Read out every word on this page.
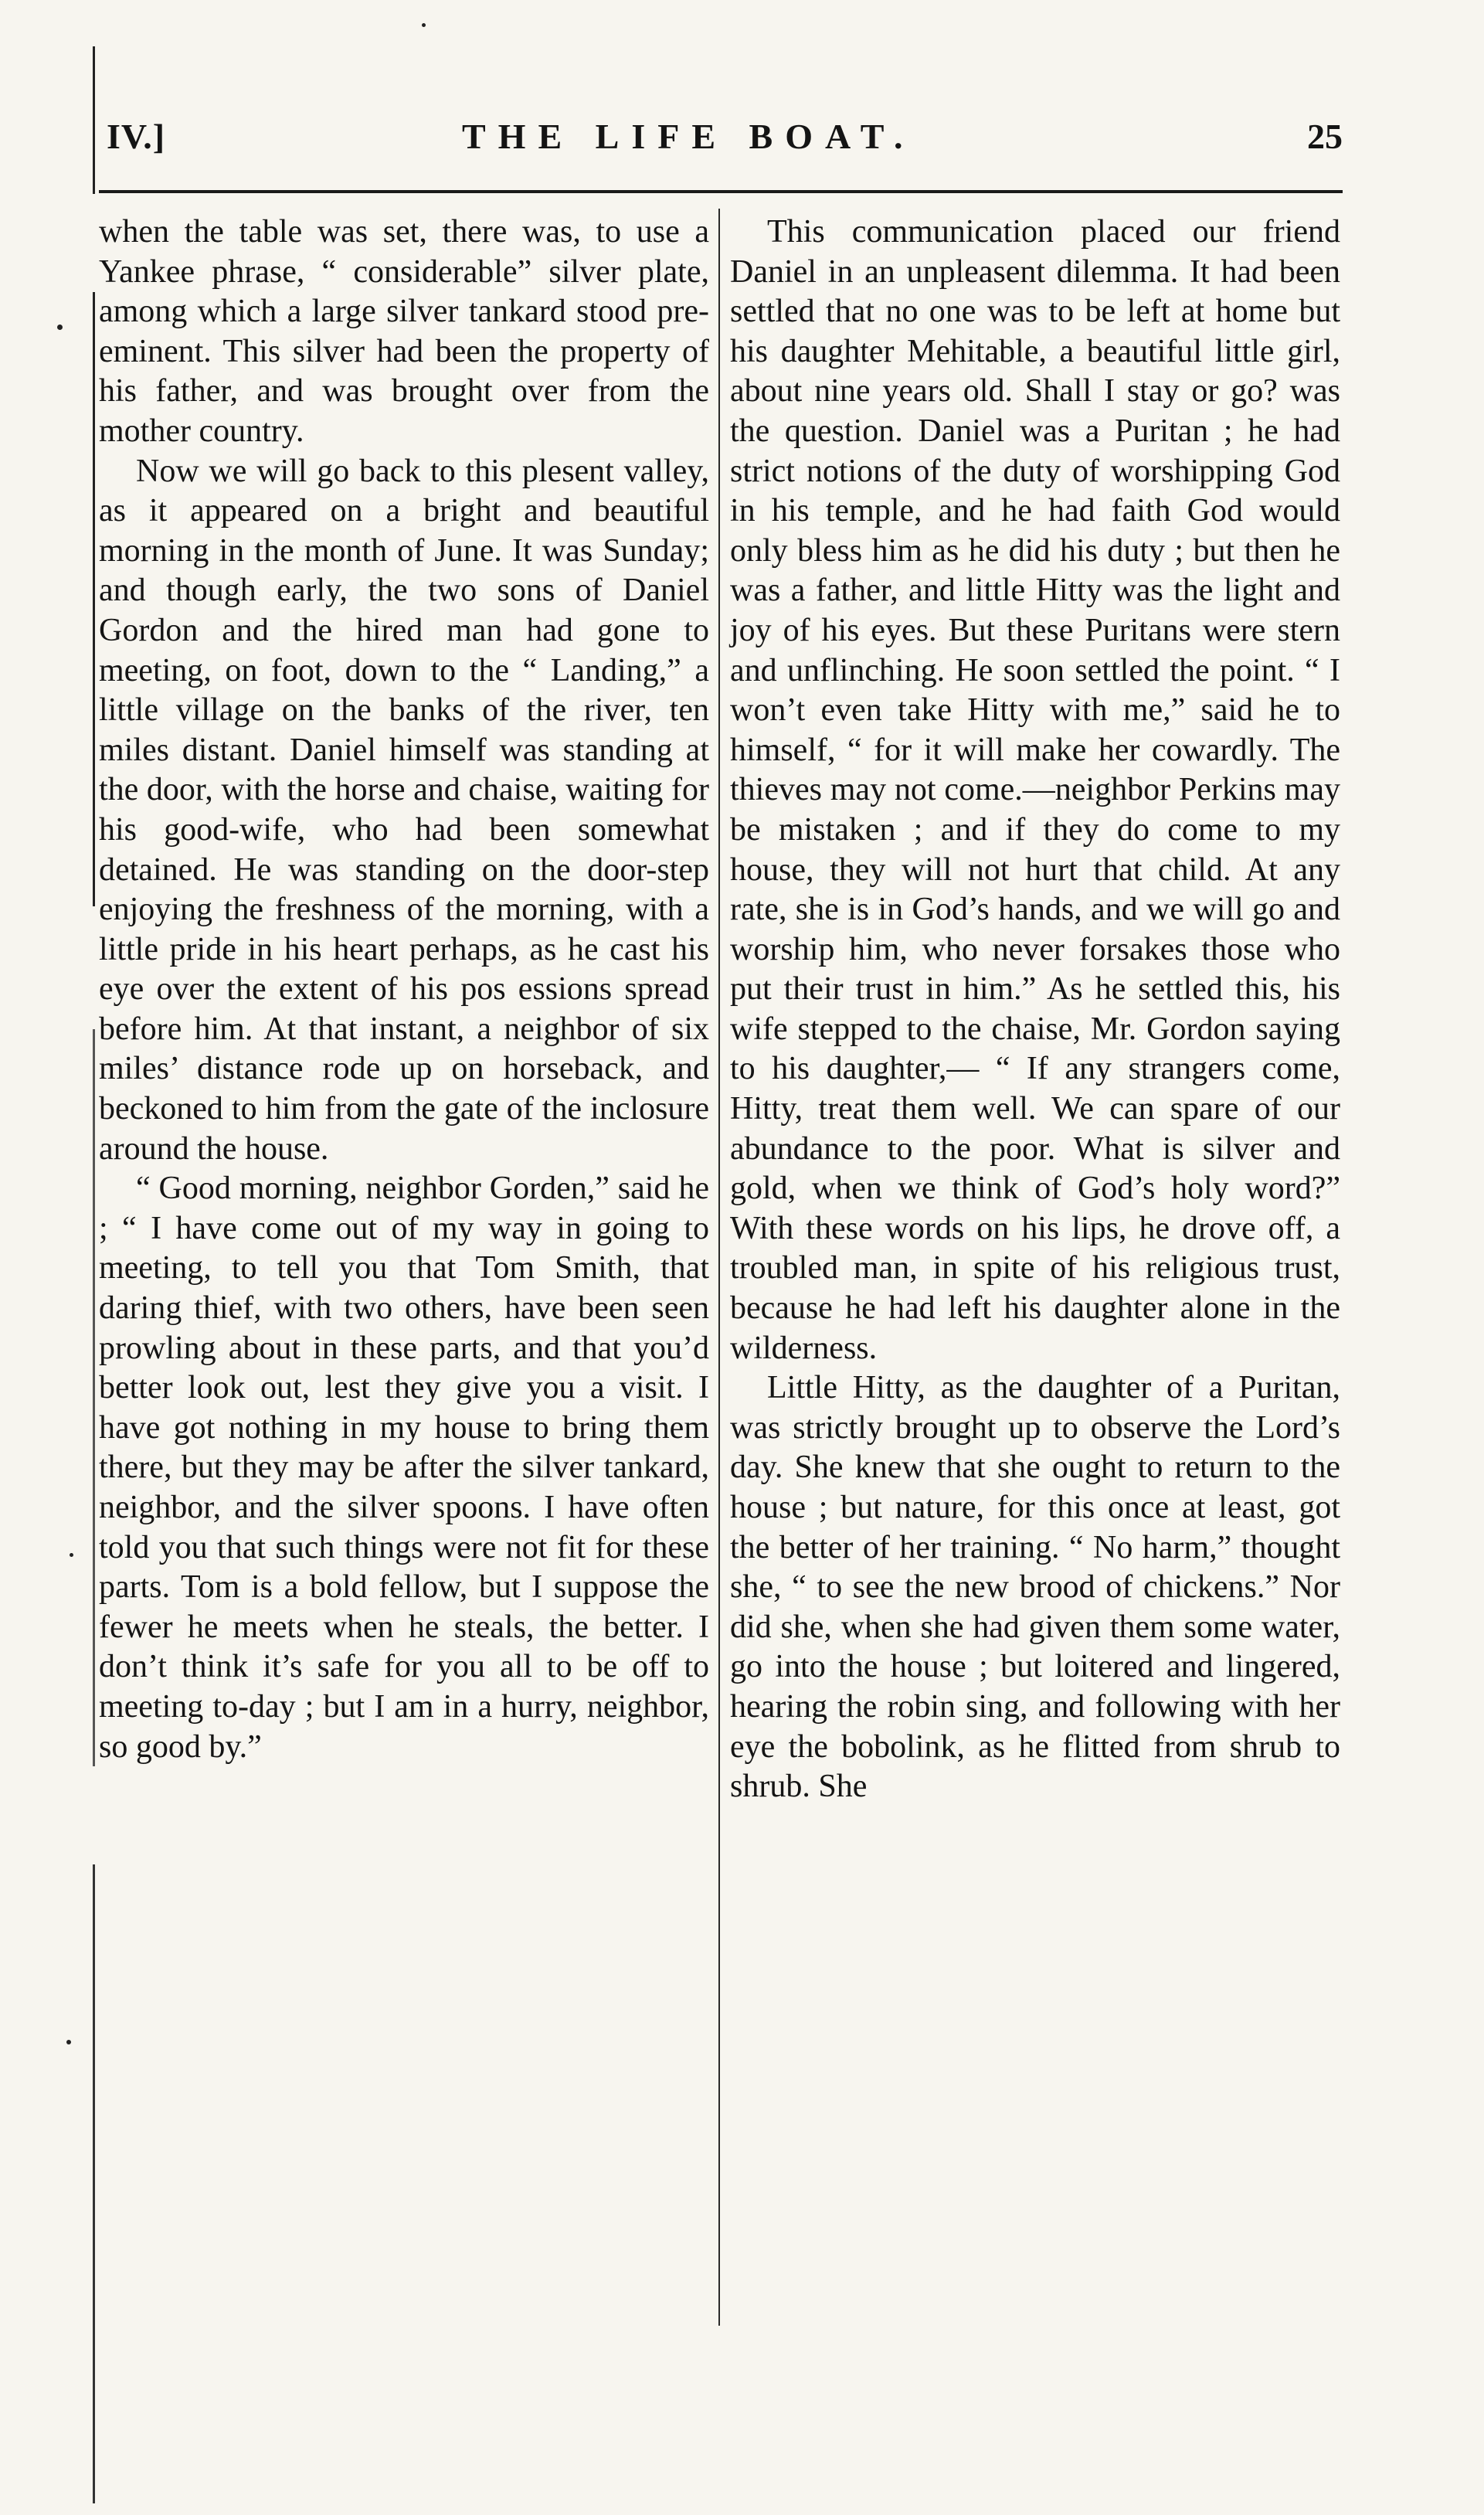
IV.]	THE LIFE BOAT.	25

when the table was set, there was, to use a Yankee phrase, “ considerable” silver plate, among which a large silver tankard stood pre-eminent. This silver had been the property of his father, and was brought over from the mother country.

Now we will go back to this plesent valley, as it appeared on a bright and beautiful morning in the month of June. It was Sunday; and though early, the two sons of Daniel Gordon and the hired man had gone to meeting, on foot, down to the “ Landing,” a little village on the banks of the river, ten miles distant. Daniel himself was standing at the door, with the horse and chaise, waiting for his good-wife, who had been somewhat detained. He was standing on the door-step enjoying the freshness of the morning, with a little pride in his heart perhaps, as he cast his eye over the extent of his pos essions spread before him. At that instant, a neighbor of six miles’ distance rode up on horseback, and beckoned to him from the gate of the inclosure around the house.

“ Good morning, neighbor Gorden,” said he ; “ I have come out of my way in going to meeting, to tell you that Tom Smith, that daring thief, with two others, have been seen prowling about in these parts, and that you’d better look out, lest they give you a visit. I have got nothing in my house to bring them there, but they may be after the silver tankard, neighbor, and the silver spoons. I have often told you that such things were not fit for these parts. Tom is a bold fellow, but I suppose the fewer he meets when he steals, the better. I don’t think it’s safe for you all to be off to meeting to-day ; but I am in a hurry, neighbor, so good by.”

This communication placed our friend Daniel in an unpleasent dilemma. It had been settled that no one was to be left at home but his daughter Mehitable, a beautiful little girl, about nine years old. Shall I stay or go? was the question. Daniel was a Puritan ; he had strict notions of the duty of worshipping God in his temple, and he had faith God would only bless him as he did his duty ; but then he was a father, and little Hitty was the light and joy of his eyes. But these Puritans were stern and unflinching. He soon settled the point. “ I won’t even take Hitty with me,” said he to himself, “ for it will make her cowardly. The thieves may not come.—neighbor Perkins may be mistaken ; and if they do come to my house, they will not hurt that child. At any rate, she is in God’s hands, and we will go and worship him, who never forsakes those who put their trust in him.” As he settled this, his wife stepped to the chaise, Mr. Gordon saying to his daughter,— “ If any strangers come, Hitty, treat them well. We can spare of our abundance to the poor. What is silver and gold, when we think of God’s holy word?” With these words on his lips, he drove off, a troubled man, in spite of his religious trust, because he had left his daughter alone in the wilderness.

Little Hitty, as the daughter of a Puritan, was strictly brought up to observe the Lord’s day. She knew that she ought to return to the house ; but nature, for this once at least, got the better of her training. “ No harm,” thought she, “ to see the new brood of chickens.” Nor did she, when she had given them some water, go into the house ; but loitered and lingered, hearing the robin sing, and following with her eye the bobolink, as he flitted from shrub to shrub. She
